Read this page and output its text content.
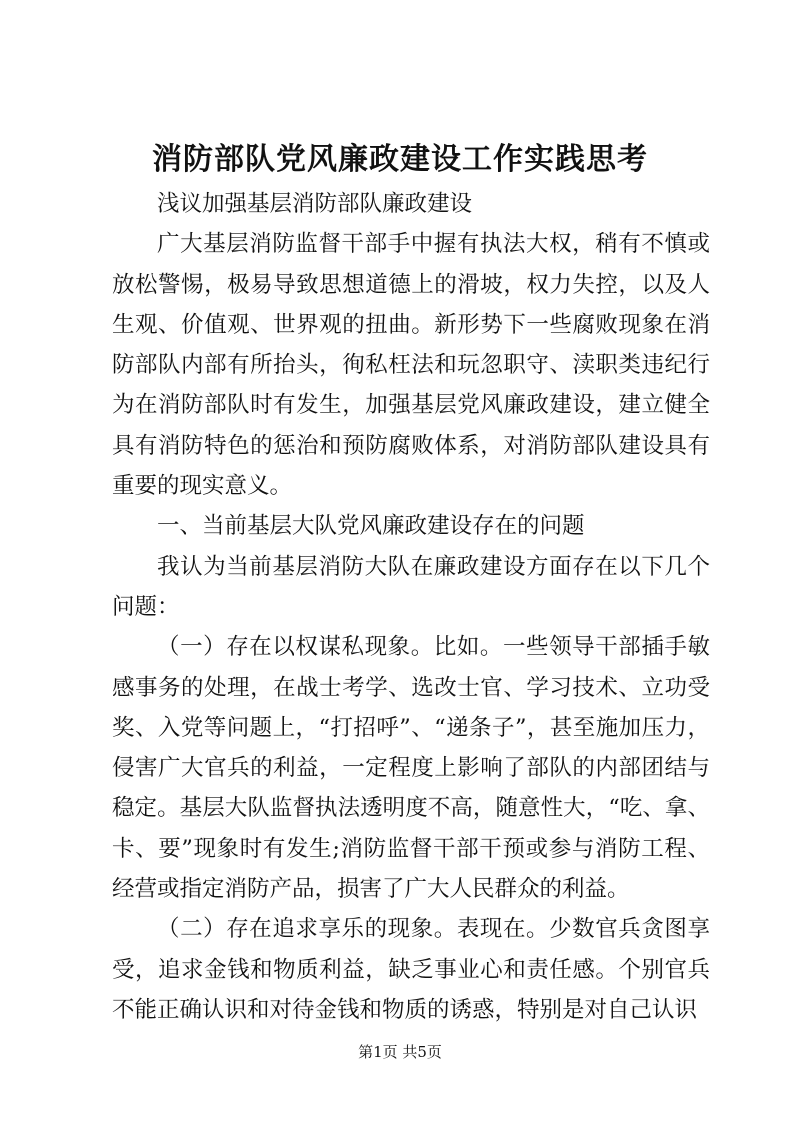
消防部队党风廉政建设工作实践思考

浅议加强基层消防部队廉政建设

广大基层消防监督干部手中握有执法大权，稍有不慎或放松警惕，极易导致思想道德上的滑坡，权力失控，以及人生观、价值观、世界观的扭曲。新形势下一些腐败现象在消防部队内部有所抬头，徇私枉法和玩忽职守、渎职类违纪行为在消防部队时有发生，加强基层党风廉政建设，建立健全具有消防特色的惩治和预防腐败体系，对消防部队建设具有重要的现实意义。

一、当前基层大队党风廉政建设存在的问题

我认为当前基层消防大队在廉政建设方面存在以下几个问题：

（一）存在以权谋私现象。比如。一些领导干部插手敏感事务的处理，在战士考学、选改士官、学习技术、立功受奖、入党等问题上，“打招呼”、“递条子”，甚至施加压力，侵害广大官兵的利益，一定程度上影响了部队的内部团结与稳定。基层大队监督执法透明度不高，随意性大，“吃、拿、卡、要”现象时有发生;消防监督干部干预或参与消防工程、经营或指定消防产品，损害了广大人民群众的利益。

（二）存在追求享乐的现象。表现在。少数官兵贪图享受，追求金钱和物质利益，缺乏事业心和责任感。个别官兵不能正确认识和对待金钱和物质的诱惑，特别是对自己认识

第1页 共5页
